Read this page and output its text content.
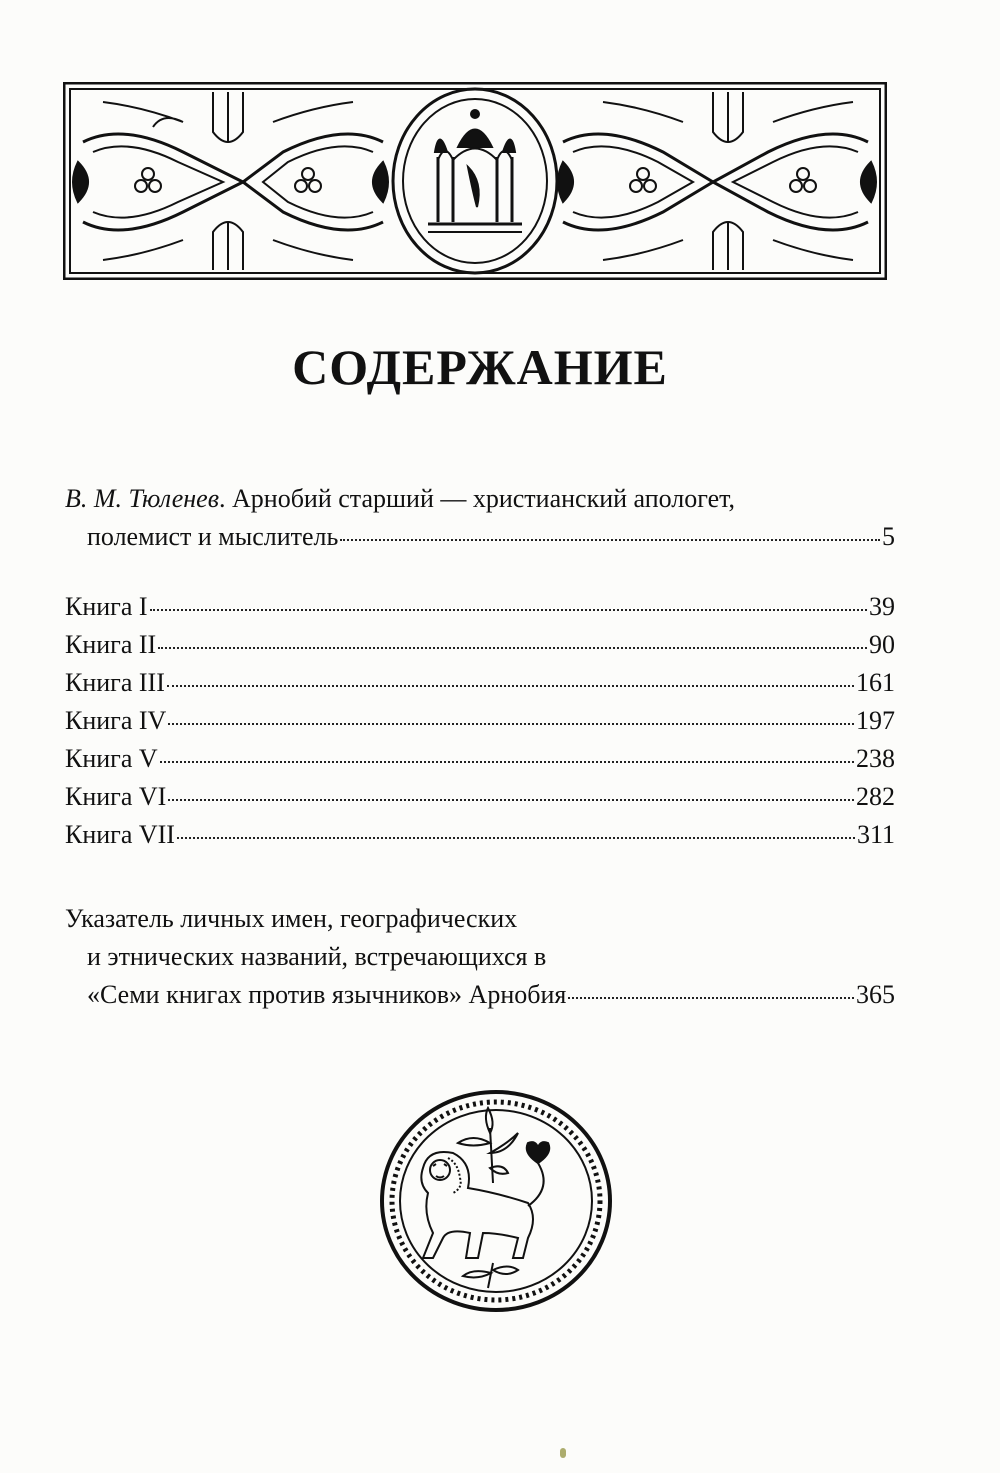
СОДЕРЖАНИЕ
В. М. Тюленев. Арнобий старший — христианский апологет,
полемист и мыслитель	5
Книга I	39
Книга II	90
Книга III	161
Книга IV	197
Книга V	238
Книга VI	282
Книга VII	311
Указатель личных имен, географических
и этнических названий, встречающихся в
«Семи книгах против язычников» Арнобия	365
